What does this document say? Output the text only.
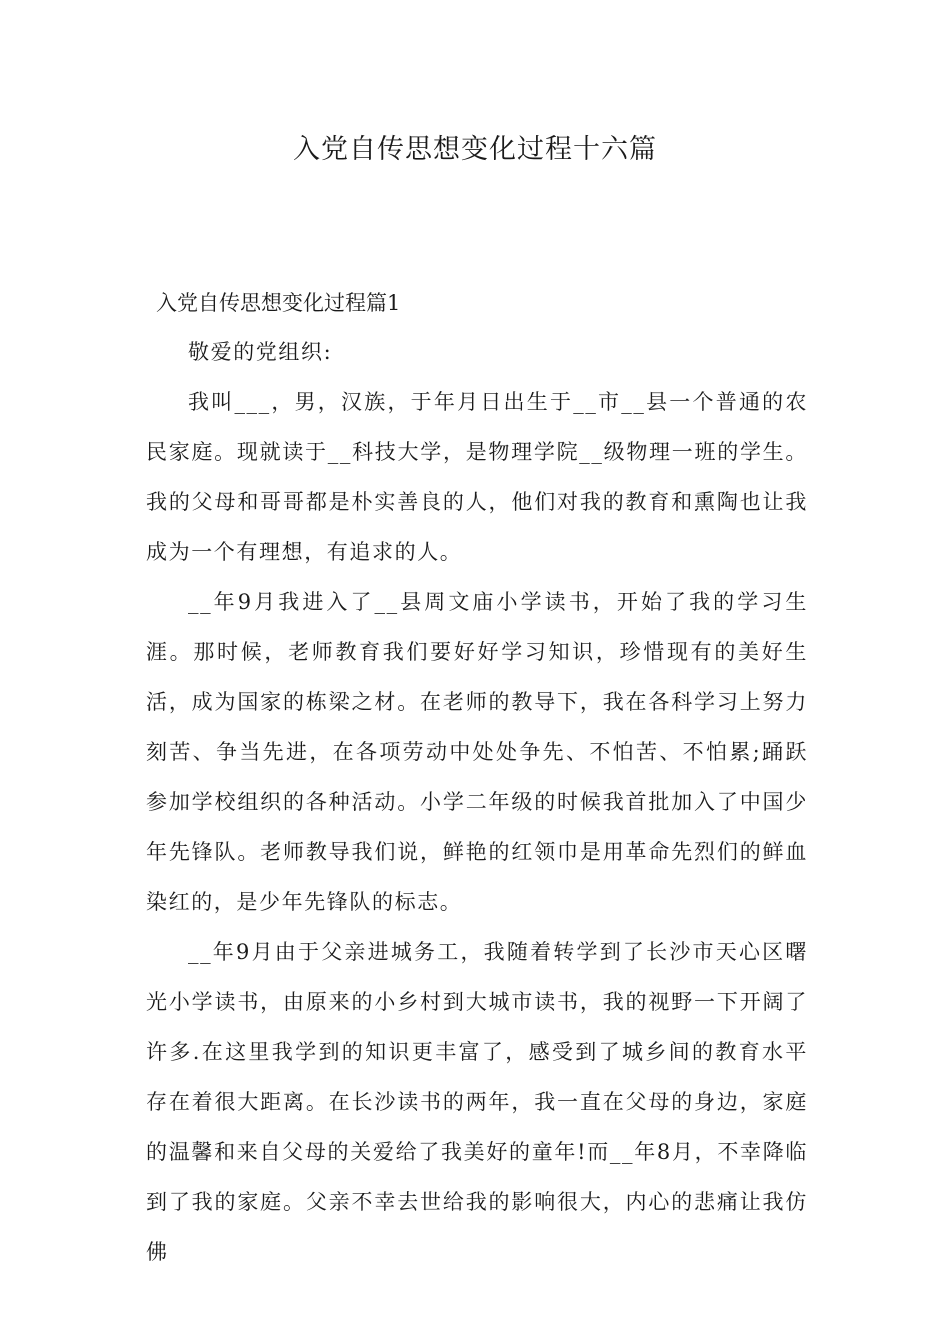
入党自传思想变化过程十六篇
入党自传思想变化过程篇1

敬爱的党组织:

我叫___，男，汉族，于年月日出生于__市__县一个普通的农民家庭。现就读于__科技大学，是物理学院__级物理一班的学生。我的父母和哥哥都是朴实善良的人，他们对我的教育和熏陶也让我成为一个有理想，有追求的人。

__年9月我进入了__县周文庙小学读书，开始了我的学习生涯。那时候，老师教育我们要好好学习知识，珍惜现有的美好生活，成为国家的栋梁之材。在老师的教导下，我在各科学习上努力刻苦、争当先进，在各项劳动中处处争先、不怕苦、不怕累;踊跃参加学校组织的各种活动。小学二年级的时候我首批加入了中国少年先锋队。老师教导我们说，鲜艳的红领巾是用革命先烈们的鲜血染红的，是少年先锋队的标志。

__年9月由于父亲进城务工，我随着转学到了长沙市天心区曙光小学读书，由原来的小乡村到大城市读书，我的视野一下开阔了许多.在这里我学到的知识更丰富了，感受到了城乡间的教育水平存在着很大距离。在长沙读书的两年，我一直在父母的身边，家庭的温馨和来自父母的关爱给了我美好的童年!而__年8月，不幸降临到了我的家庭。父亲不幸去世给我的影响很大，内心的悲痛让我仿佛
